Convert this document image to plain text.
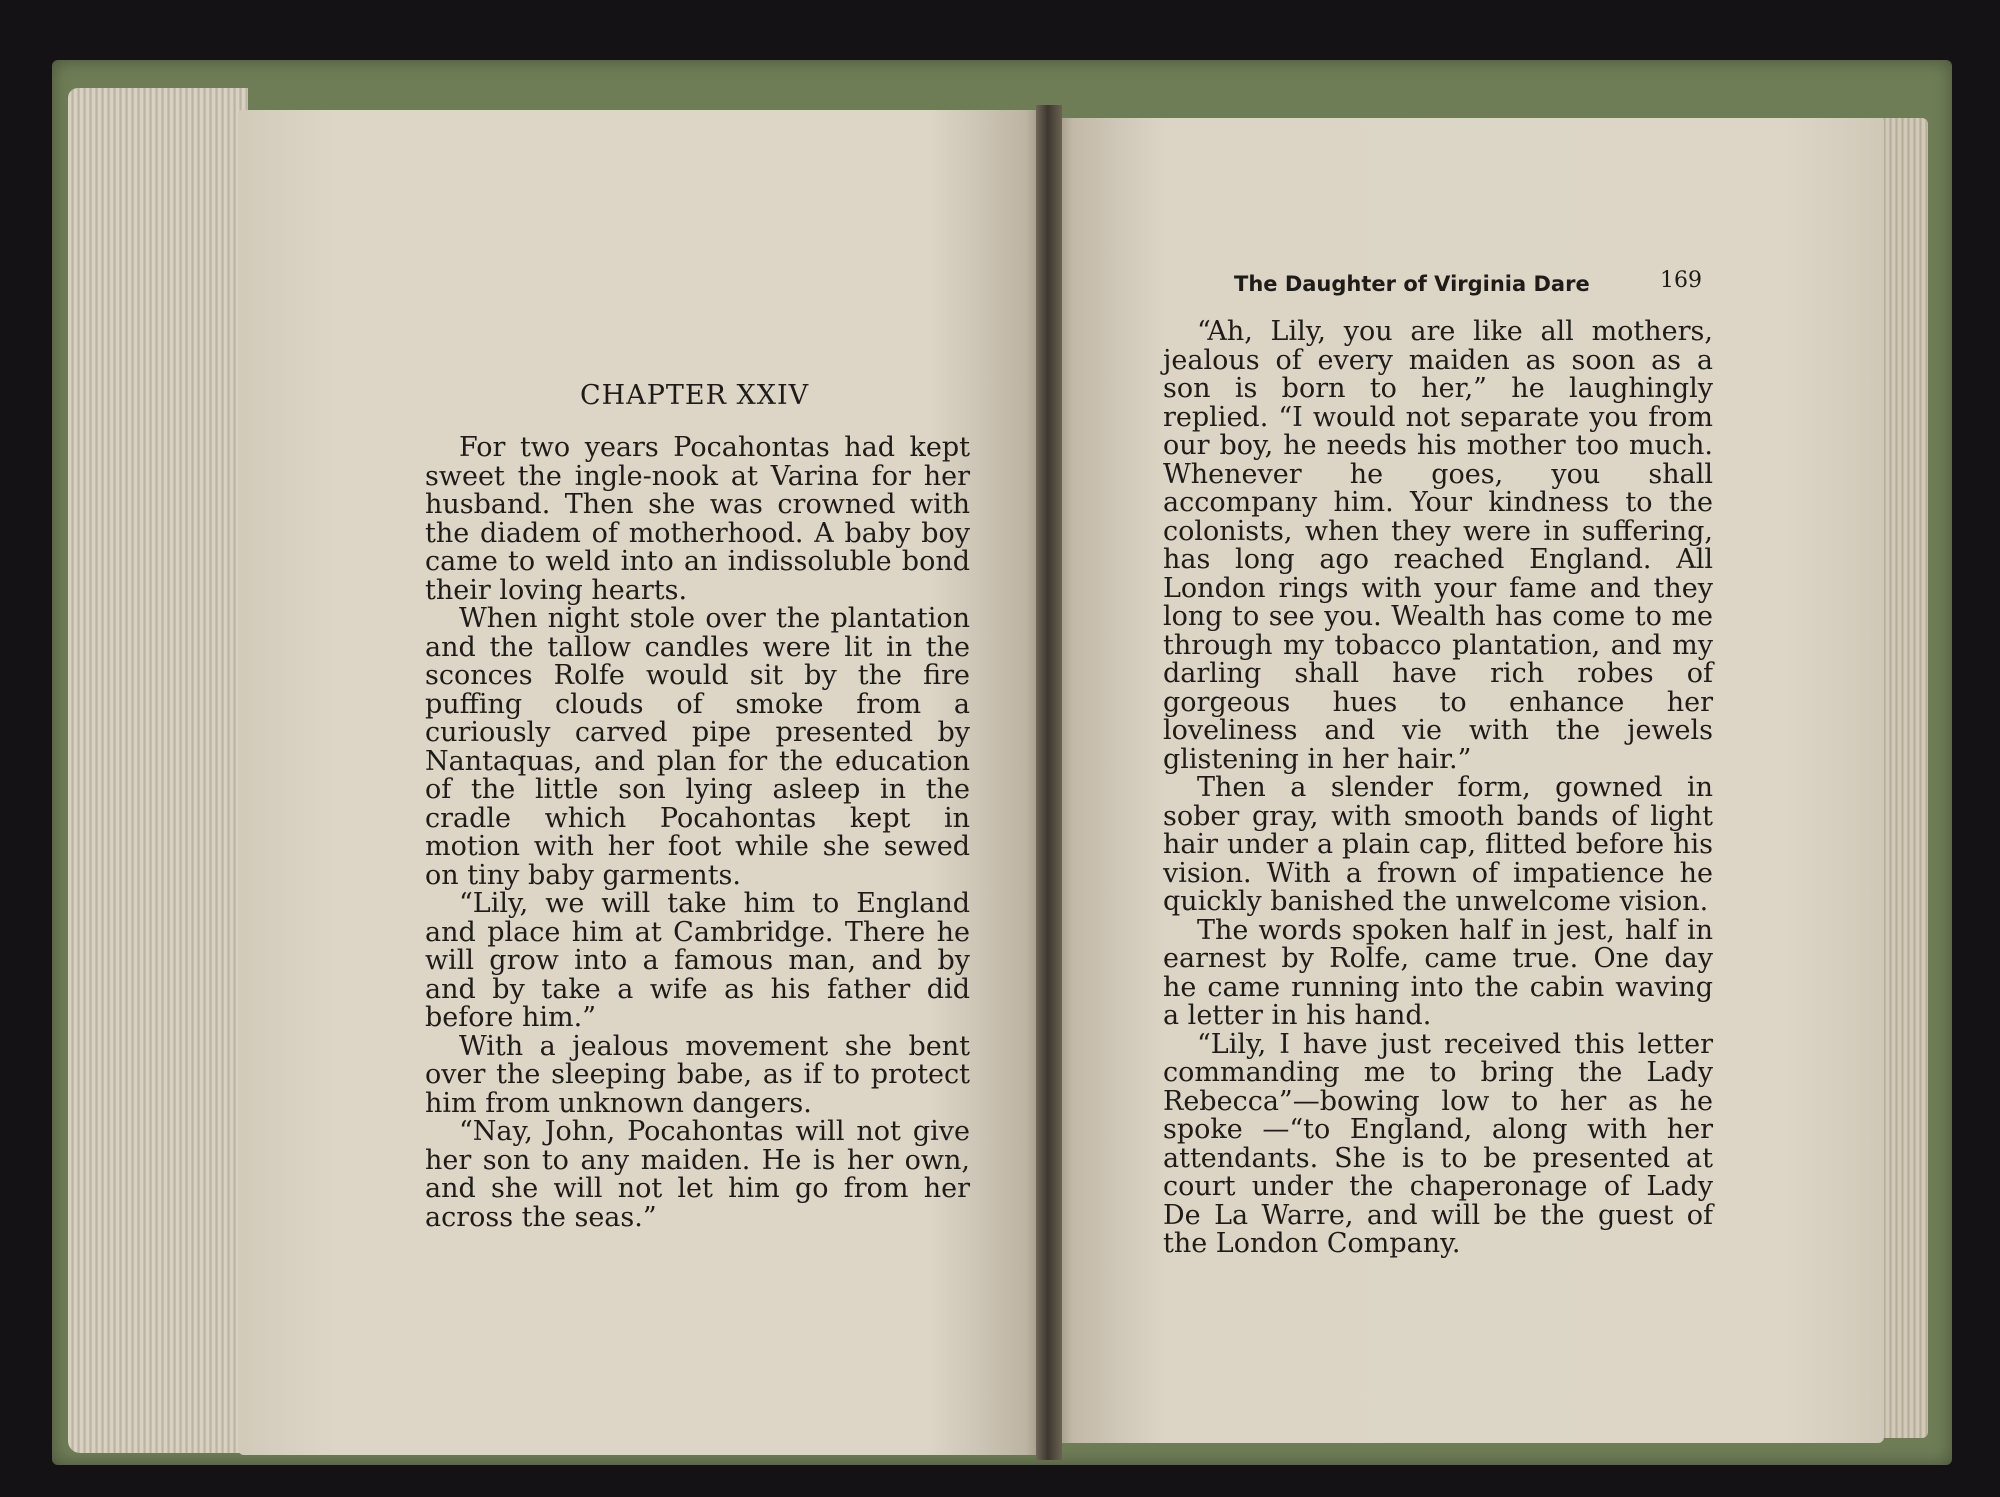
CHAPTER XXIV

For two years Pocahontas had kept sweet the ingle-nook at Varina for her husband. Then she was crowned with the diadem of motherhood. A baby boy came to weld into an indissoluble bond their loving hearts.

When night stole over the plantation and the tallow candles were lit in the sconces Rolfe would sit by the fire puffing clouds of smoke from a curiously carved pipe presented by Nantaquas, and plan for the education of the little son lying asleep in the cradle which Pocahontas kept in motion with her foot while she sewed on tiny baby garments.

“Lily, we will take him to England and place him at Cambridge. There he will grow into a famous man, and by and by take a wife as his father did before him.”

With a jealous movement she bent over the sleeping babe, as if to protect him from unknown dangers.

“Nay, John, Pocahontas will not give her son to any maiden. He is her own, and she will not let him go from her across the seas.”

The Daughter of Virginia Dare	169

“Ah, Lily, you are like all mothers, jealous of every maiden as soon as a son is born to her,” he laughingly replied. “I would not separate you from our boy, he needs his mother too much. Whenever he goes, you shall accompany him. Your kindness to the colonists, when they were in suffering, has long ago reached England. All London rings with your fame and they long to see you. Wealth has come to me through my tobacco plantation, and my darling shall have rich robes of gorgeous hues to enhance her loveliness and vie with the jewels glistening in her hair.”

Then a slender form, gowned in sober gray, with smooth bands of light hair under a plain cap, flitted before his vision. With a frown of impatience he quickly banished the unwelcome vision.

The words spoken half in jest, half in earnest by Rolfe, came true. One day he came running into the cabin waving a letter in his hand.

“Lily, I have just received this letter commanding me to bring the Lady Rebecca”—bowing low to her as he spoke —“to England, along with her attendants. She is to be presented at court under the chaperonage of Lady De La Warre, and will be the guest of the London Company.
